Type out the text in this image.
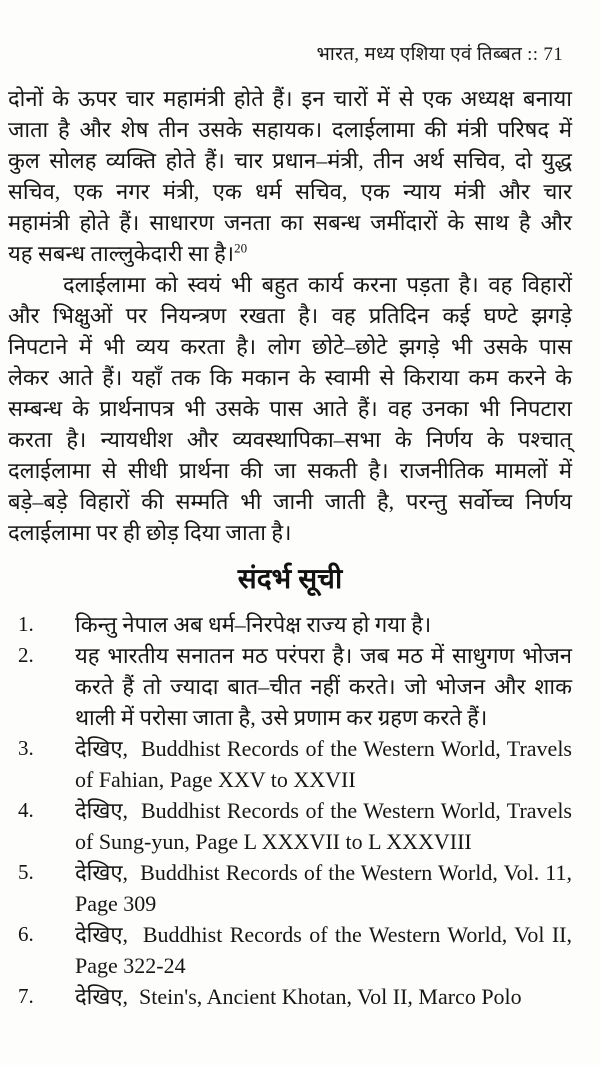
भारत, मध्य एशिया एवं तिब्बत :: 71
दोनों के ऊपर चार महामंत्री होते हैं। इन चारों में से एक अध्यक्ष बनाया
जाता है और शेष तीन उसके सहायक। दलाईलामा की मंत्री परिषद में
कुल सोलह व्यक्ति होते हैं। चार प्रधान–मंत्री, तीन अर्थ सचिव, दो युद्ध
सचिव, एक नगर मंत्री, एक धर्म सचिव, एक न्याय मंत्री और चार
महामंत्री होते हैं। साधारण जनता का सबन्ध जमींदारों के साथ है और
यह सबन्ध ताल्लुकेदारी सा है।$^{20}$
दलाईलामा को स्वयं भी बहुत कार्य करना पड़ता है। वह विहारों
और भिक्षुओं पर नियन्त्रण रखता है। वह प्रतिदिन कई घण्टे झगड़े
निपटाने में भी व्यय करता है। लोग छोटे–छोटे झगड़े भी उसके पास
लेकर आते हैं। यहाँ तक कि मकान के स्वामी से किराया कम करने के
सम्बन्ध के प्रार्थनापत्र भी उसके पास आते हैं। वह उनका भी निपटारा
करता है। न्यायधीश और व्यवस्थापिका–सभा के निर्णय के पश्चात्
दलाईलामा से सीधी प्रार्थना की जा सकती है। राजनीतिक मामलों में
बड़े–बड़े विहारों की सम्मति भी जानी जाती है, परन्तु सर्वोच्च निर्णय
दलाईलामा पर ही छोड़ दिया जाता है।
संदर्भ सूची
1.	किन्तु नेपाल अब धर्म–निरपेक्ष राज्य हो गया है।
2.	यह भारतीय सनातन मठ परंपरा है। जब मठ में साधुगण भोजन
करते हैं तो ज्यादा बात–चीत नहीं करते। जो भोजन और शाक
थाली में परोसा जाता है, उसे प्रणाम कर ग्रहण करते हैं।
3.	देखिए,  Buddhist Records of the Western World, Travels
of Fahian, Page XXV to XXVII
4.	देखिए,  Buddhist Records of the Western World, Travels
of Sung-yun, Page L XXXVII to L XXXVIII
5.	देखिए,  Buddhist Records of the Western World, Vol. 11,
Page 309
6.	देखिए,  Buddhist Records of the Western World, Vol II,
Page 322-24
7.	देखिए,  Stein's, Ancient Khotan, Vol II, Marco Polo
